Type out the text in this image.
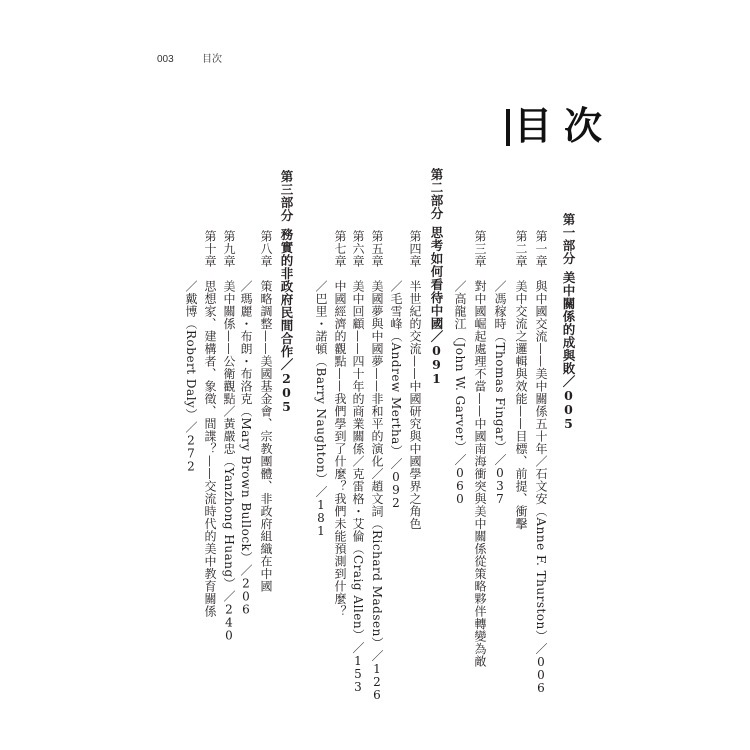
003	目次
目次
第一部分
美中關係的成與敗／005
第一章
與中國交流——美中關係五十年／石文安（Anne F. Thurston）／006
第二章
美中交流之邏輯與效能——目標、前提、衝擊
／馮稼時（Thomas Fingar）／037
第三章
對中國崛起處理不當——中國南海衝突與美中關係從策略夥伴轉變為敵
／高龍江（John W. Garver）／060
第二部分
思考如何看待中國／091
第四章
半世紀的交流——中國研究與中國學界之角色
／毛雪峰（Andrew Mertha）／092
第五章
美國夢與中國夢——非和平的演化／趙文詞（Richard Madsen）／126
第六章
美中回顧——四十年的商業關係／克雷格・艾倫（Craig Allen）／153
第七章
中國經濟的觀點——我們學到了什麼？我們未能預測到什麼？
／巴里・諾頓（Barry Naughton）／181
第三部分
務實的非政府民間合作／205
第八章
策略調整——美國基金會、宗教團體、非政府組織在中國
／瑪麗・布朗・布洛克（Mary Brown Bullock）／206
第九章
美中關係——公衛觀點／黃嚴忠（Yanzhong Huang）／240
第十章
思想家、建構者、象徵、間諜？——交流時代的美中教育關係
／戴博（Robert Daly）／272
